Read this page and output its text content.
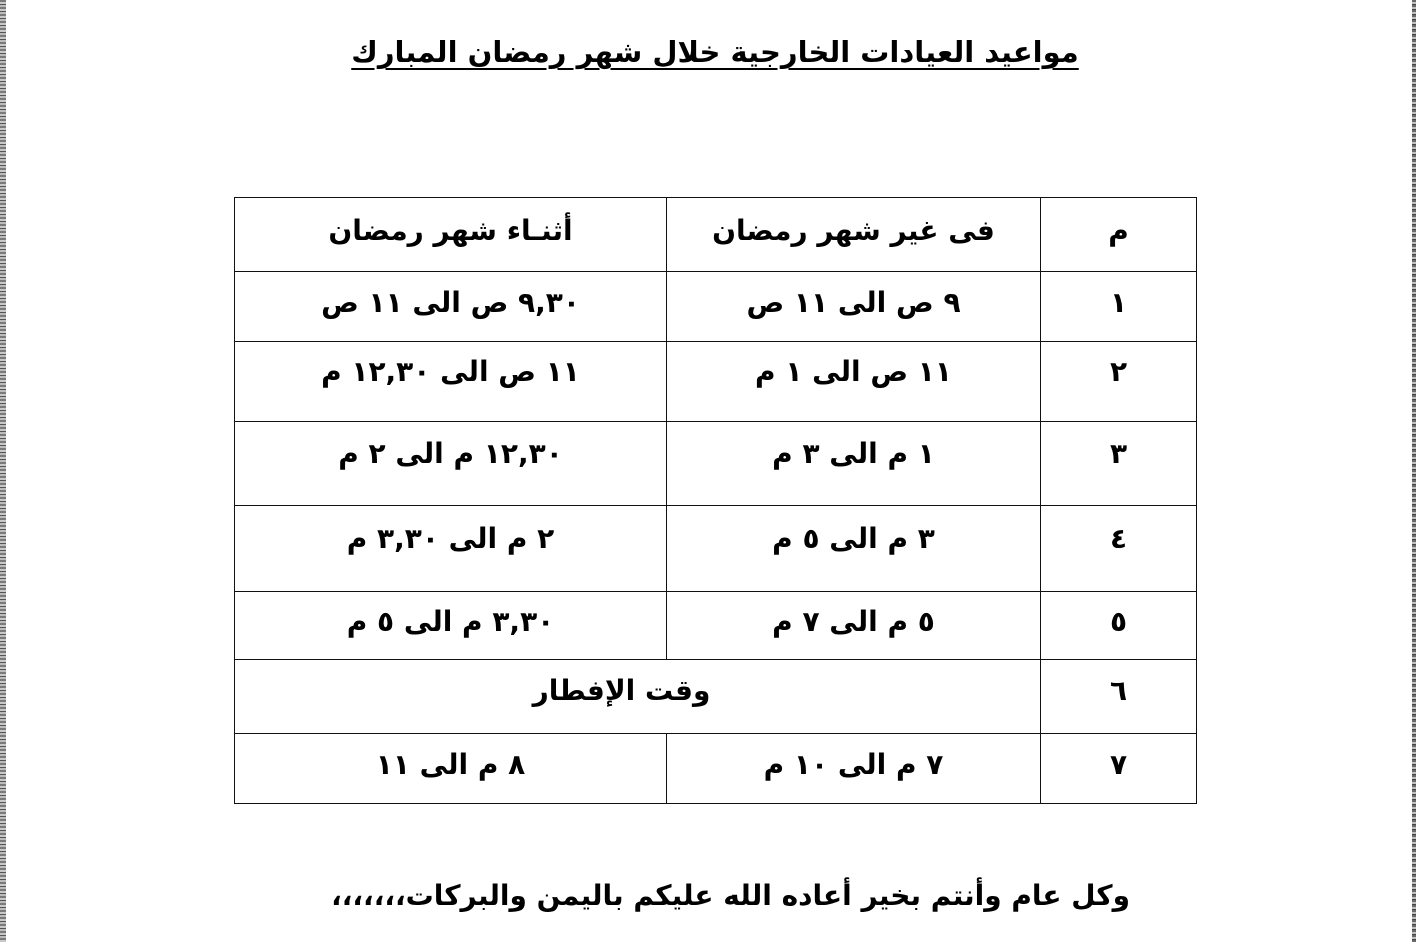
مواعيد العيادات الخارجية خلال شهر رمضان المبارك
م	فى غير شهر رمضان	أثنـاء شهر رمضان

١	٩ ص الى ١١ ص	٩,٣٠ ص الى ١١ ص

٢	١١ ص الى ١ م	١١ ص الى ١٢,٣٠ م

٣	١ م الى ٣ م	١٢,٣٠ م الى ٢ م

٤	٣ م الى ٥ م	٢ م الى ٣,٣٠ م

٥	٥ م الى ٧ م	٣,٣٠ م الى ٥ م

٦	وقت الإفطار	

٧	٧ م الى ١٠ م	٨ م الى ١١
وكل عام وأنتم بخير أعاده الله عليكم باليمن والبركات،،،،،،،
